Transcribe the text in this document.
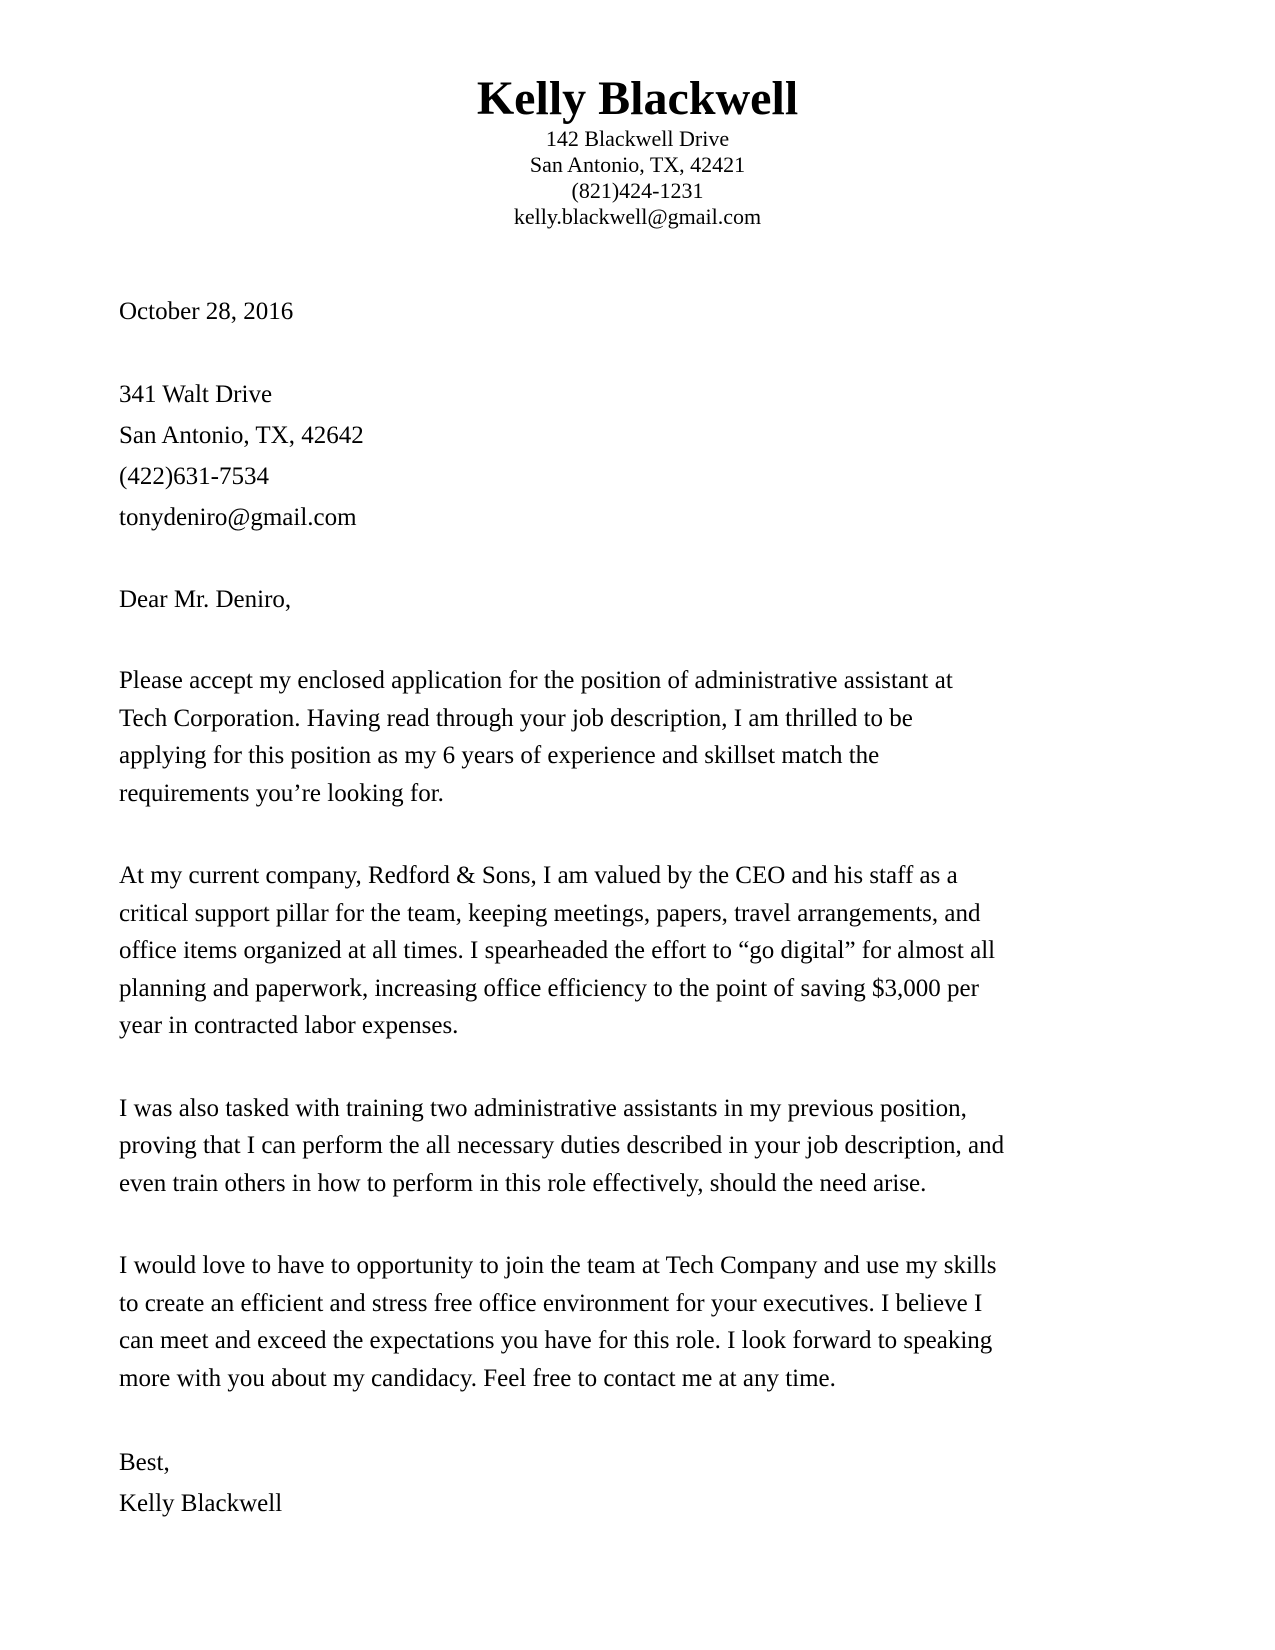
Kelly Blackwell

142 Blackwell Drive

San Antonio, TX, 42421

(821)424-1231

kelly.blackwell@gmail.com

October 28, 2016

341 Walt Drive

San Antonio, TX, 42642

(422)631-7534

tonydeniro@gmail.com

Dear Mr. Deniro,

Please accept my enclosed application for the position of administrative assistant at
Tech Corporation. Having read through your job description, I am thrilled to be
applying for this position as my 6 years of experience and skillset match the
requirements you’re looking for.
At my current company, Redford & Sons, I am valued by the CEO and his staff as a
critical support pillar for the team, keeping meetings, papers, travel arrangements, and
office items organized at all times. I spearheaded the effort to “go digital” for almost all
planning and paperwork, increasing office efficiency to the point of saving $3,000 per
year in contracted labor expenses.
I was also tasked with training two administrative assistants in my previous position,
proving that I can perform the all necessary duties described in your job description, and
even train others in how to perform in this role effectively, should the need arise.
I would love to have to opportunity to join the team at Tech Company and use my skills
to create an efficient and stress free office environment for your executives. I believe I
can meet and exceed the expectations you have for this role. I look forward to speaking
more with you about my candidacy. Feel free to contact me at any time.

Best,

Kelly Blackwell
